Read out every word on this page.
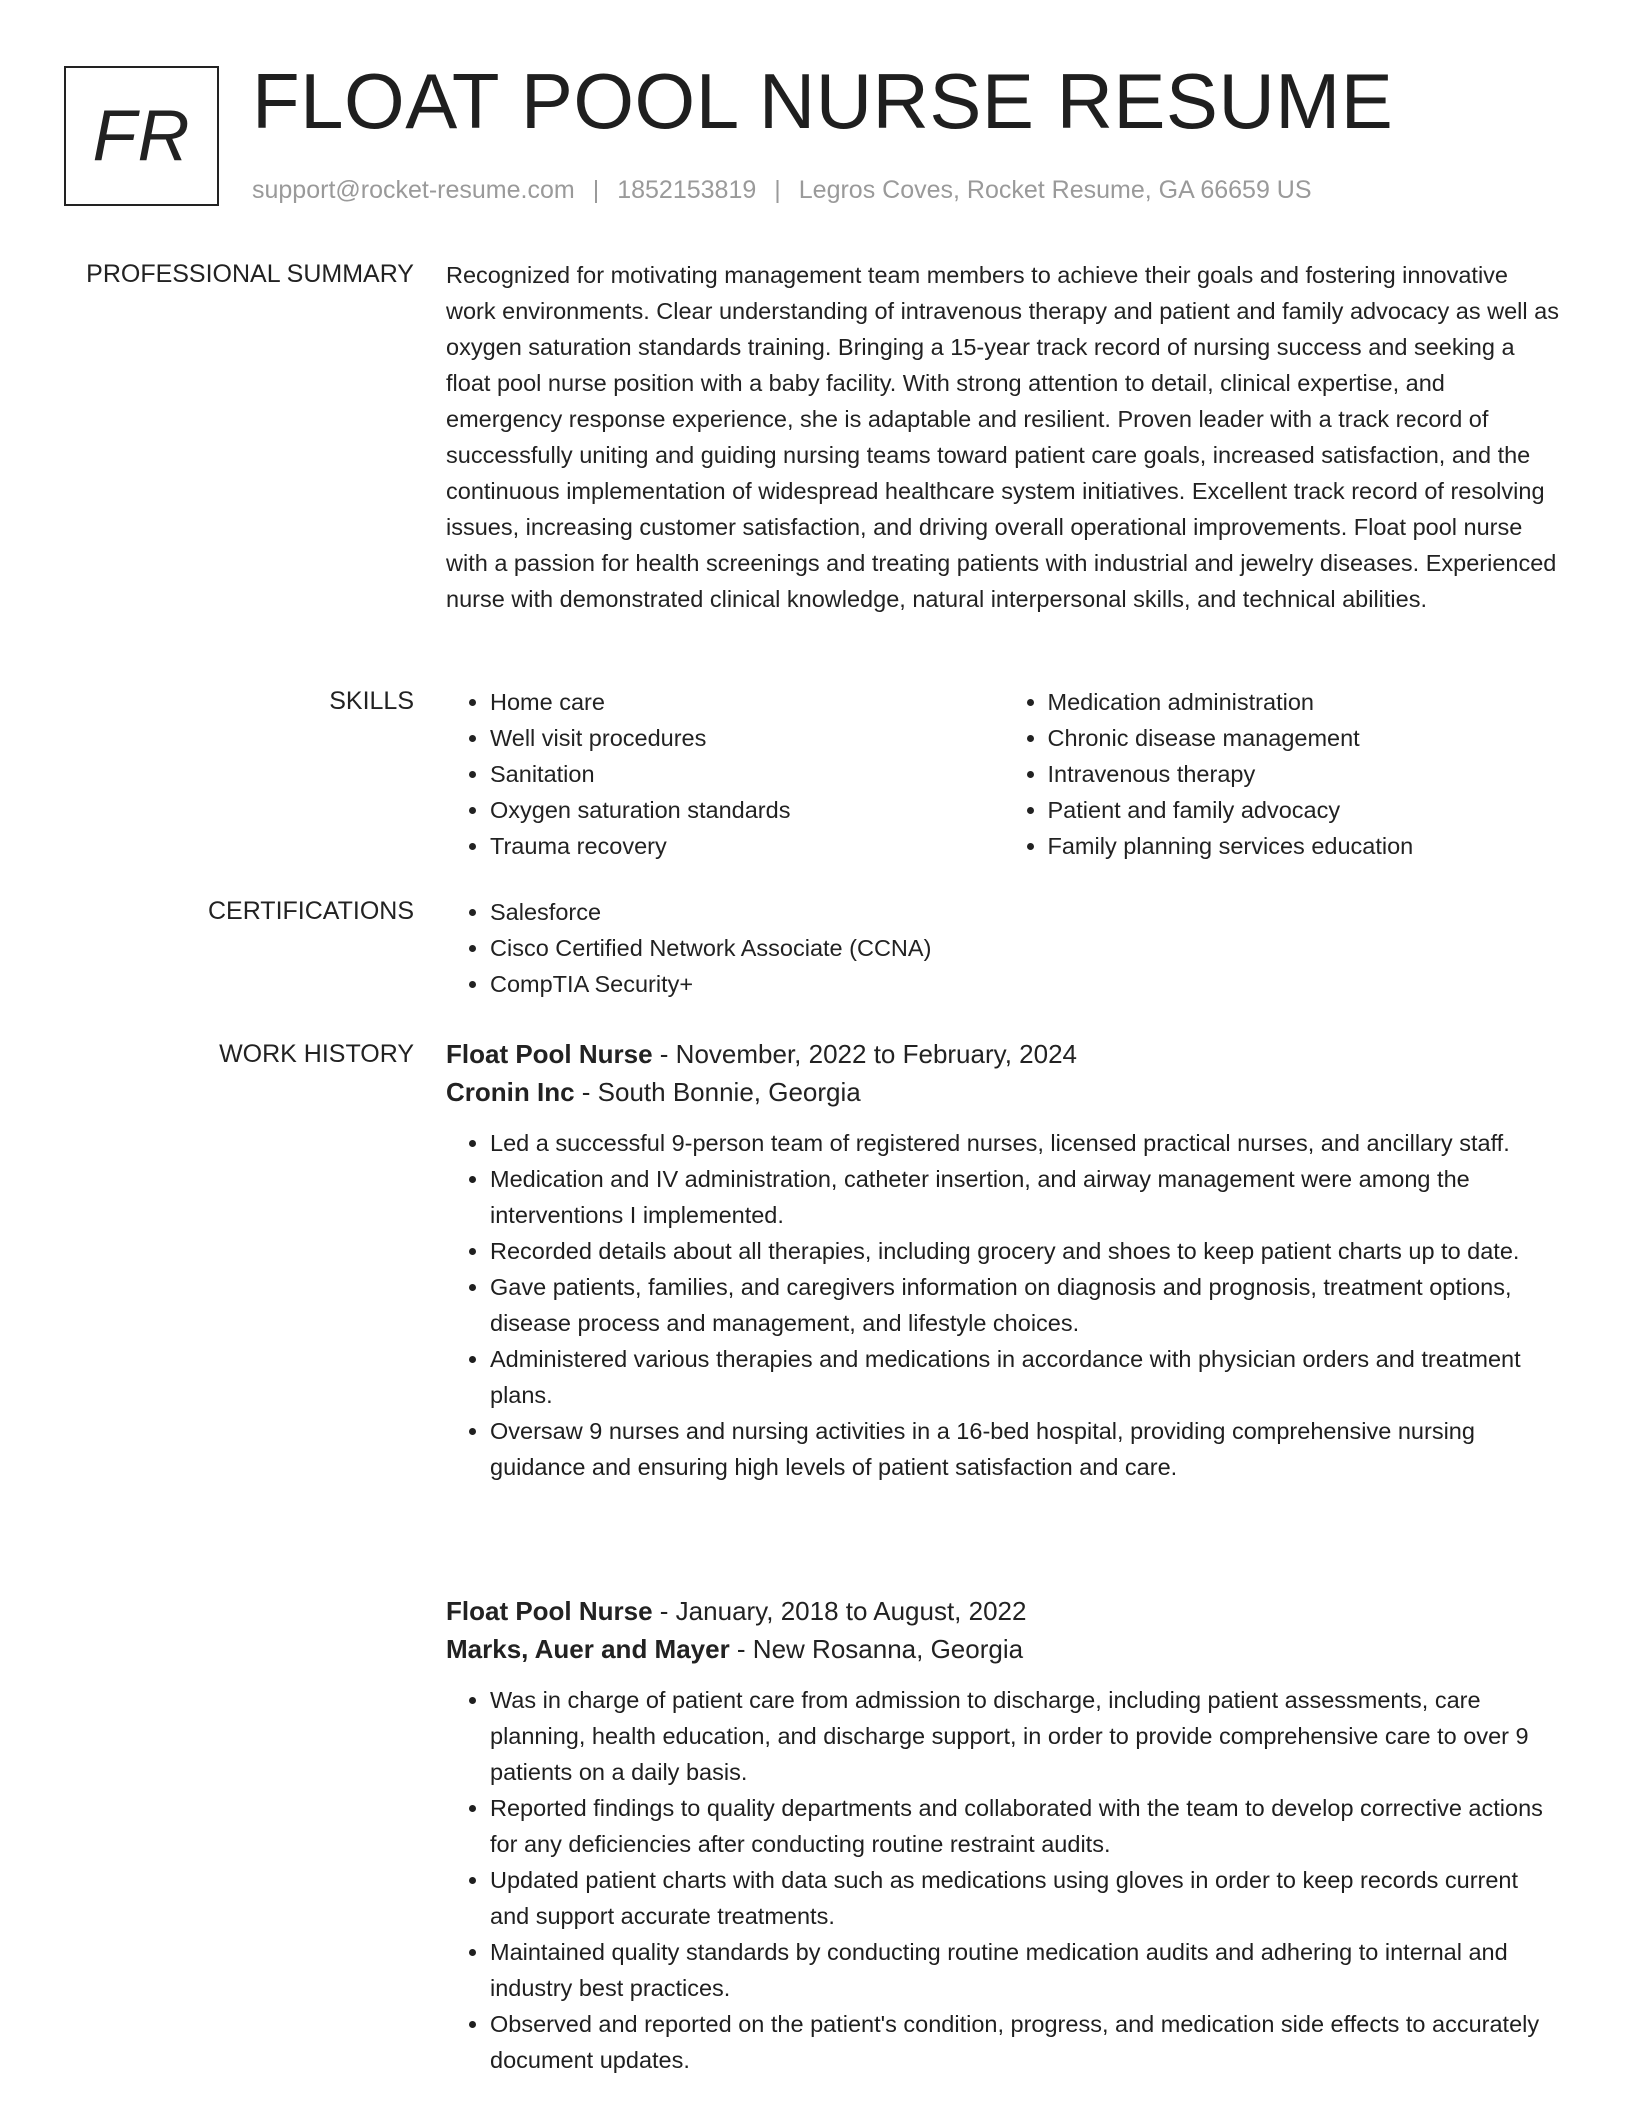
FR FLOAT POOL NURSE RESUME
support@rocket-resume.com | 1852153819 | Legros Coves, Rocket Resume, GA 66659 US
PROFESSIONAL SUMMARY Recognized for motivating management team members to achieve their goals and fostering innovative work environments. Clear understanding of intravenous therapy and patient and family advocacy as well as oxygen saturation standards training. Bringing a 15-year track record of nursing success and seeking a float pool nurse position with a baby facility. With strong attention to detail, clinical expertise, and emergency response experience, she is adaptable and resilient. Proven leader with a track record of successfully uniting and guiding nursing teams toward patient care goals, increased satisfaction, and the continuous implementation of widespread healthcare system initiatives. Excellent track record of resolving issues, increasing customer satisfaction, and driving overall operational improvements. Float pool nurse with a passion for health screenings and treating patients with industrial and jewelry diseases. Experienced nurse with demonstrated clinical knowledge, natural interpersonal skills, and technical abilities.

SKILLS	• Home care
• Well visit procedures
• Sanitation
• Oxygen saturation standards
• Trauma recovery
• Medication administration
• Chronic disease management
• Intravenous therapy
• Patient and family advocacy
• Family planning services education
CERTIFICATIONS	• Salesforce
• Cisco Certified Network Associate (CCNA)
• CompTIA Security+
WORK HISTORY Float Pool Nurse - November, 2022 to February, 2024
Cronin Inc - South Bonnie, Georgia
• Led a successful 9-person team of registered nurses, licensed practical nurses, and ancillary staff.
• Medication and IV administration, catheter insertion, and airway management were among the interventions I implemented.
• Recorded details about all therapies, including grocery and shoes to keep patient charts up to date.
• Gave patients, families, and caregivers information on diagnosis and prognosis, treatment options, disease process and management, and lifestyle choices.
• Administered various therapies and medications in accordance with physician orders and treatment plans.
• Oversaw 9 nurses and nursing activities in a 16-bed hospital, providing comprehensive nursing guidance and ensuring high levels of patient satisfaction and care.
Float Pool Nurse - January, 2018 to August, 2022
Marks, Auer and Mayer - New Rosanna, Georgia
• Was in charge of patient care from admission to discharge, including patient assessments, care planning, health education, and discharge support, in order to provide comprehensive care to over 9 patients on a daily basis.
• Reported findings to quality departments and collaborated with the team to develop corrective actions for any deficiencies after conducting routine restraint audits.
• Updated patient charts with data such as medications using gloves in order to keep records current and support accurate treatments.
• Maintained quality standards by conducting routine medication audits and adhering to internal and industry best practices.
• Observed and reported on the patient's condition, progress, and medication side effects to accurately document updates.
